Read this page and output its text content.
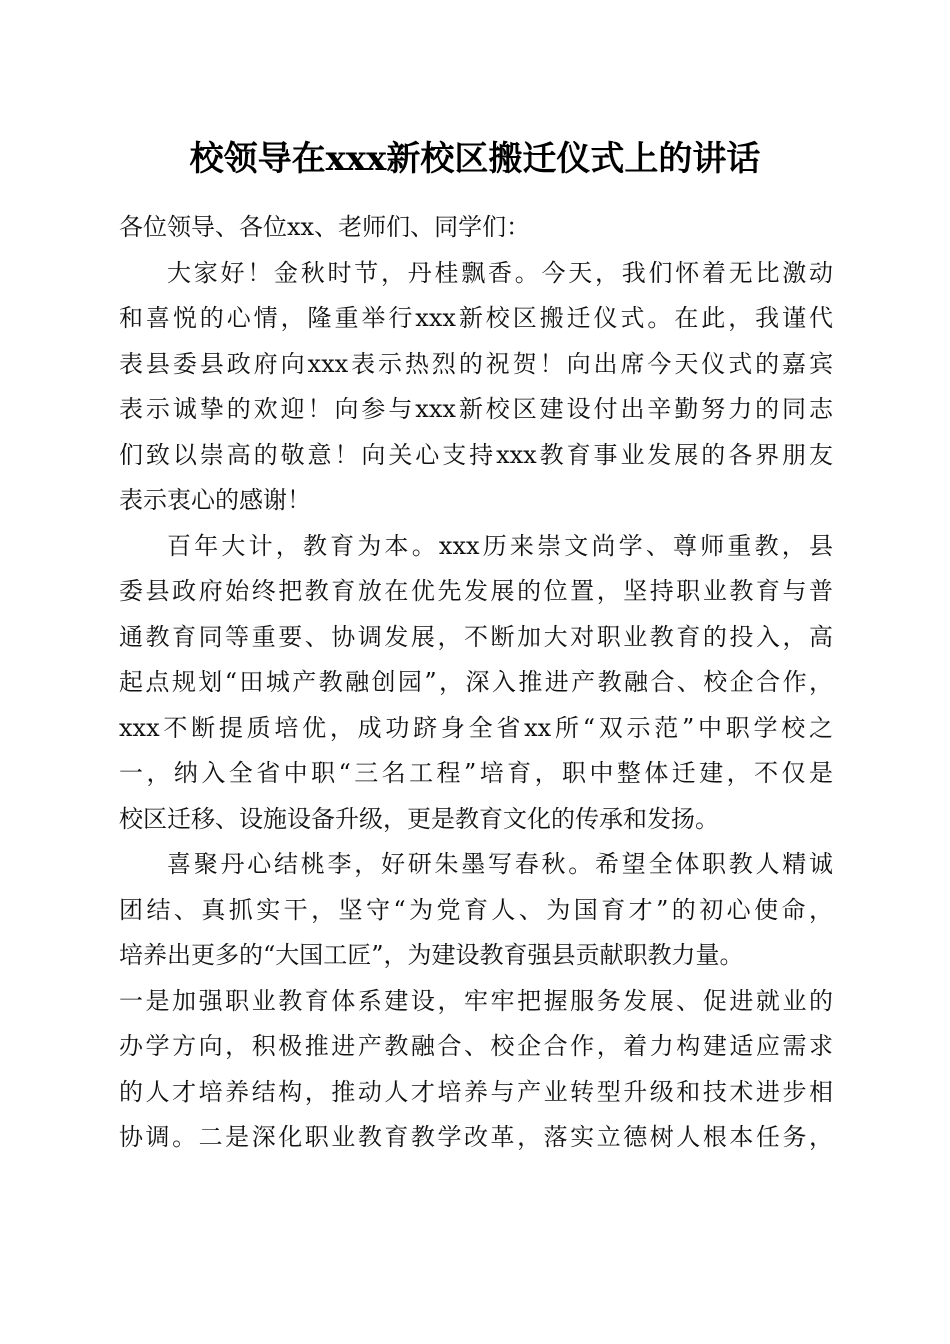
校领导在xxx新校区搬迁仪式上的讲话
各位领导、各位xx、老师们、同学们：
大家好！金秋时节，丹桂飘香。今天，我们怀着无比激动
和喜悦的心情，隆重举行xxx新校区搬迁仪式。在此，我谨代
表县委县政府向xxx表示热烈的祝贺！向出席今天仪式的嘉宾
表示诚挚的欢迎！向参与xxx新校区建设付出辛勤努力的同志
们致以崇高的敬意！向关心支持xxx教育事业发展的各界朋友
表示衷心的感谢！
百年大计，教育为本。xxx历来崇文尚学、尊师重教，县
委县政府始终把教育放在优先发展的位置，坚持职业教育与普
通教育同等重要、协调发展，不断加大对职业教育的投入，高
起点规划“田城产教融创园”，深入推进产教融合、校企合作，
xxx不断提质培优，成功跻身全省xx所“双示范”中职学校之
一，纳入全省中职“三名工程”培育，职中整体迁建，不仅是
校区迁移、设施设备升级，更是教育文化的传承和发扬。
喜聚丹心结桃李，好研朱墨写春秋。希望全体职教人精诚
团结、真抓实干，坚守“为党育人、为国育才”的初心使命，
培养出更多的“大国工匠”，为建设教育强县贡献职教力量。
一是加强职业教育体系建设，牢牢把握服务发展、促进就业的
办学方向，积极推进产教融合、校企合作，着力构建适应需求
的人才培养结构，推动人才培养与产业转型升级和技术进步相
协调。二是深化职业教育教学改革，落实立德树人根本任务，
